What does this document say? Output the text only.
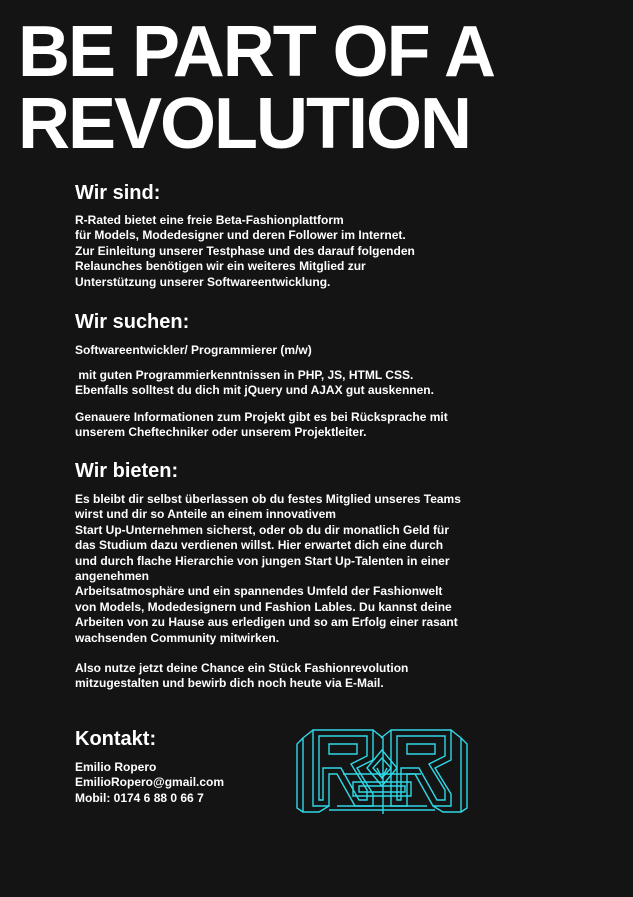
BE PART OF A
REVOLUTION
Wir sind:

R-Rated bietet eine freie Beta-Fashionplattform
für Models, Modedesigner und deren Follower im Internet.
Zur Einleitung unserer Testphase und des darauf folgenden
Relaunches benötigen wir ein weiteres Mitglied zur
Unterstützung unserer Softwareentwicklung.

Wir suchen:

Softwareentwickler/ Programmierer (m/w)

mit guten Programmierkenntnissen in PHP, JS, HTML CSS.
Ebenfalls solltest du dich mit jQuery und AJAX gut auskennen.

Genauere Informationen zum Projekt gibt es bei Rücksprache mit
unserem Cheftechniker oder unserem Projektleiter.

Wir bieten:

Es bleibt dir selbst überlassen ob du festes Mitglied unseres Teams
wirst und dir so Anteile an einem innovativem
Start Up-Unternehmen sicherst, oder ob du dir monatlich Geld für
das Studium dazu verdienen willst. Hier erwartet dich eine durch
und durch flache Hierarchie von jungen Start Up-Talenten in einer
angenehmen
Arbeitsatmosphäre und ein spannendes Umfeld der Fashionwelt
von Models, Modedesignern und Fashion Lables. Du kannst deine
Arbeiten von zu Hause aus erledigen und so am Erfolg einer rasant
wachsenden Community mitwirken.

Also nutze jetzt deine Chance ein Stück Fashionrevolution
mitzugestalten und bewirb dich noch heute via E-Mail.

Kontakt:

Emilio Ropero
EmilioRopero@gmail.com
Mobil: 0174 6 88 0 66 7
